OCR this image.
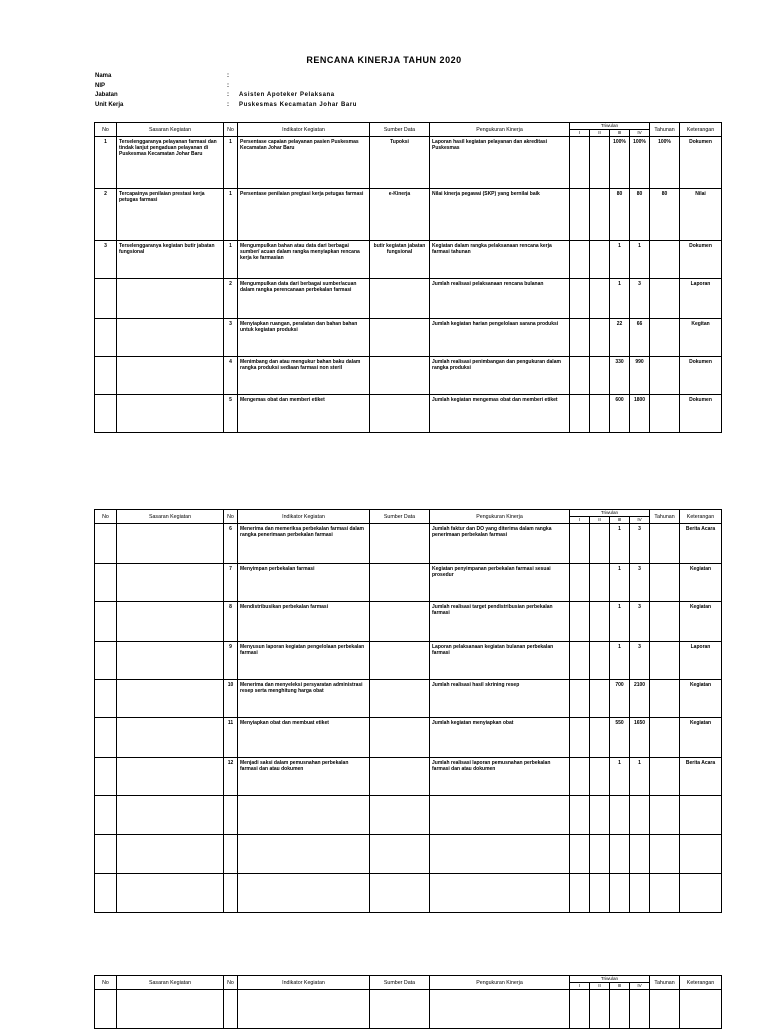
RENCANA KINERJA TAHUN 2020
Nama	:
NIP	:
Jabatan	:	Asisten Apoteker Pelaksana
Unit Kerja	:	Puskesmas Kecamatan Johar Baru
No	Sasaran Kegiatan	No	Indikator Kegiatan	Sumber Data	Pengukuran Kinerja	Triwulan				Tahunan	Keterangan
						I	II	III	IV		
1	Terselenggaranya pelayanan farmasi dan tindak lanjut pengaduan pelayanan di Puskesmas Kecamatan Johar Baru	1	Persentase capaian pelayanan pasien Puskesmas Kecamatan Johar Baru	Tupoksi	Laporan hasil kegiatan pelayanan dan akreditasi Puskesmas			100%	100%	100%	Dokumen
2	Tercapainya penilaian prestasi kerja petugas farmasi	1	Persentase penilaian pregtasi kerja petugas farmasi	e-Kinerja	Nilai kinerja pegawai (SKP) yang bernilai baik			80	80	80	Nilai
3	Terselenggaranya kegiatan butir jabatan fungsional	1	Mengumpulkan bahan atau data dari berbagai sumber/ acuan dalam rangka menyiapkan rencana kerja ke farmasian	butir kegiatan jabatan fungsional	Kegiatan dalam rangka pelaksanaan rencana kerja farmasi tahunan			1	1		Dokumen
		2	Mengumpulkan data dari berbagai sumber/acuan dalam rangka perencanaan perbekalan farmasi		Jumlah realisasi pelaksanaan rencana bulanan			1	3		Laporan
		3	Menyiapkan ruangan, peralatan dan bahan bahan untuk kegiatan produksi		Jumlah kegiatan harian pengelolaan sarana produksi			22	66		Kegitan
		4	Menimbang dan atau mengukur bahan baku dalam rangka produksi sediaan farmasi non steril		Jumlah realisasi penimbangan dan pengukuran dalam rangka produksi			330	990		Dokumen
		5	Mengemas obat dan memberi etiket		Jumlah kegiatan mengemas obat dan memberi etiket			600	1800		Dokumen
No	Sasaran Kegiatan	No	Indikator Kegiatan	Sumber Data	Pengukuran Kinerja	Triwulan				Tahunan	Keterangan
						I	II	III	IV		
		6	Menerima dan memeriksa perbekalan farmasi dalam rangka penerimaan perbekalan farmasi		Jumlah faktur dan DO yang diterima dalam rangka penerimaan perbekalan farmasi			1	3		Berita Acara
		7	Menyimpan perbekalan farmasi		Kegiatan penyimpanan perbekalan farmasi sesuai prosedur			1	3		Kegiatan
		8	Mendistribusikan perbekalan farmasi		Jumlah realisasi target pendistribusian perbekalan farmasi			1	3		Kegiatan
		9	Menyusun laporan kegiatan pengelolaan perbekalan farmasi		Laporan pelaksanaan kegiatan bulanan perbekalan farmasi			1	3		Laporan
		10	Menerima dan menyeleksi persyaratan administrasi resep serta menghitung harga obat		Jumlah realisasi hasil skrining resep			700	2100		Kegiatan
		11	Menyiapkan obat dan membuat etiket		Jumlah kegiatan menyiapkan obat			550	1650		Kegiatan
		12	Menjadi saksi dalam pemusnahan perbekalan farmasi dan atau dokumen		Jumlah realisasi laporan pemusnahan perbekalan farmasi dan atau dokumen			1	1		Berita Acara

No	Sasaran Kegiatan	No	Indikator Kegiatan	Sumber Data	Pengukuran Kinerja	Triwulan				Tahunan	Keterangan
						I	II	III	IV		
